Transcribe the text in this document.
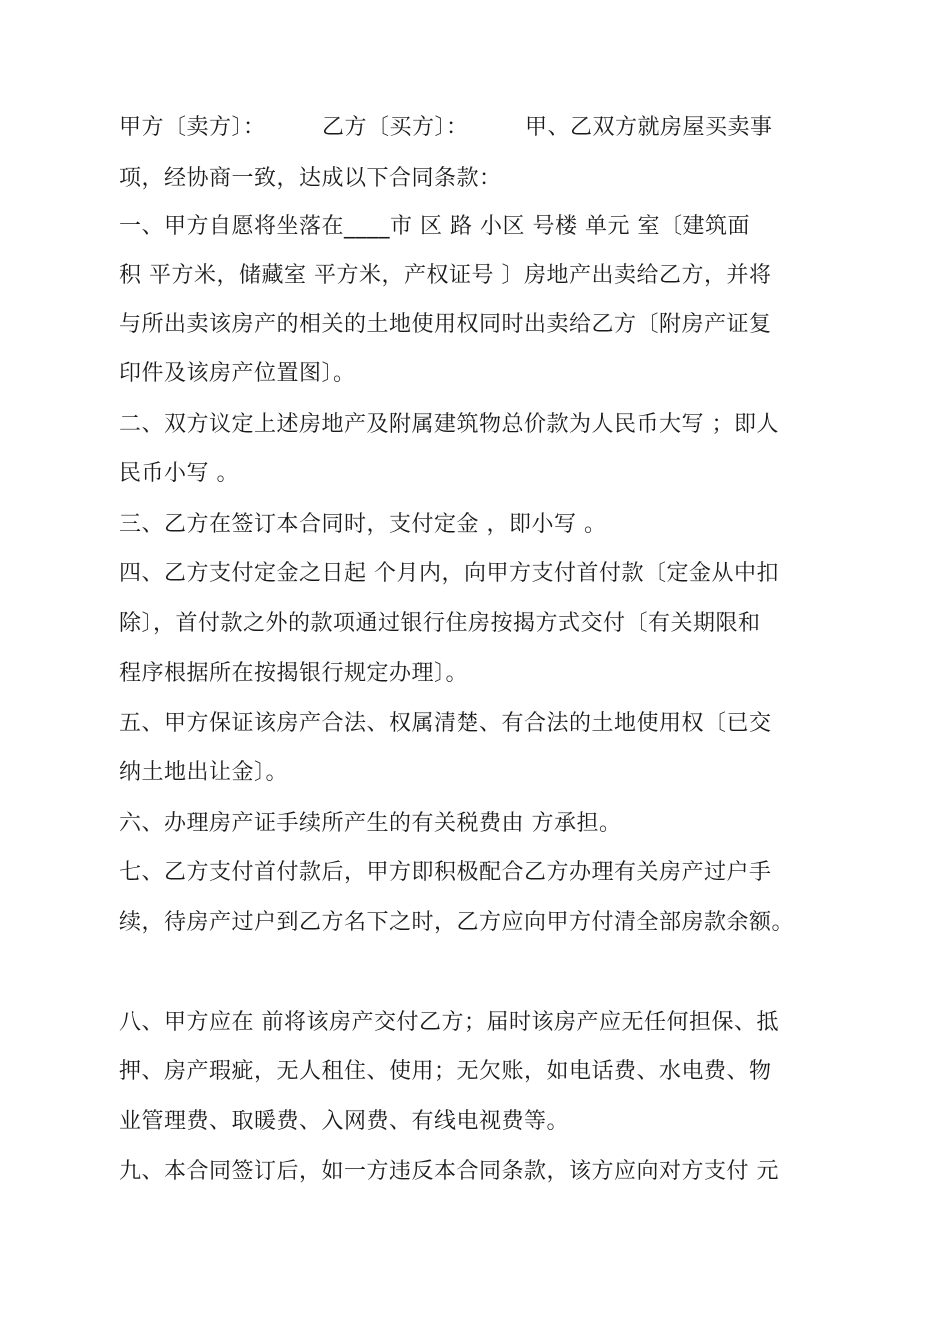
甲方〔卖方〕：　　　乙方〔买方〕：　　　甲、乙双方就房屋买卖事
项，经协商一致，达成以下合同条款：
一、甲方自愿将坐落在____市 区 路 小区 号楼 单元 室〔建筑面
积 平方米，储藏室 平方米，产权证号 〕房地产出卖给乙方，并将
与所出卖该房产的相关的土地使用权同时出卖给乙方〔附房产证复
印件及该房产位置图〕。
二、双方议定上述房地产及附属建筑物总价款为人民币大写 ；即人
民币小写 。
三、乙方在签订本合同时，支付定金 ，即小写 。
四、乙方支付定金之日起 个月内，向甲方支付首付款〔定金从中扣
除〕，首付款之外的款项通过银行住房按揭方式交付〔有关期限和
程序根据所在按揭银行规定办理〕。
五、甲方保证该房产合法、权属清楚、有合法的土地使用权〔已交
纳土地出让金〕。
六、办理房产证手续所产生的有关税费由 方承担。
七、乙方支付首付款后，甲方即积极配合乙方办理有关房产过户手
续，待房产过户到乙方名下之时，乙方应向甲方付清全部房款余额。
八、甲方应在 前将该房产交付乙方；届时该房产应无任何担保、抵
押、房产瑕疵，无人租住、使用；无欠账，如电话费、水电费、物
业管理费、取暖费、入网费、有线电视费等。
九、本合同签订后，如一方违反本合同条款，该方应向对方支付 元
